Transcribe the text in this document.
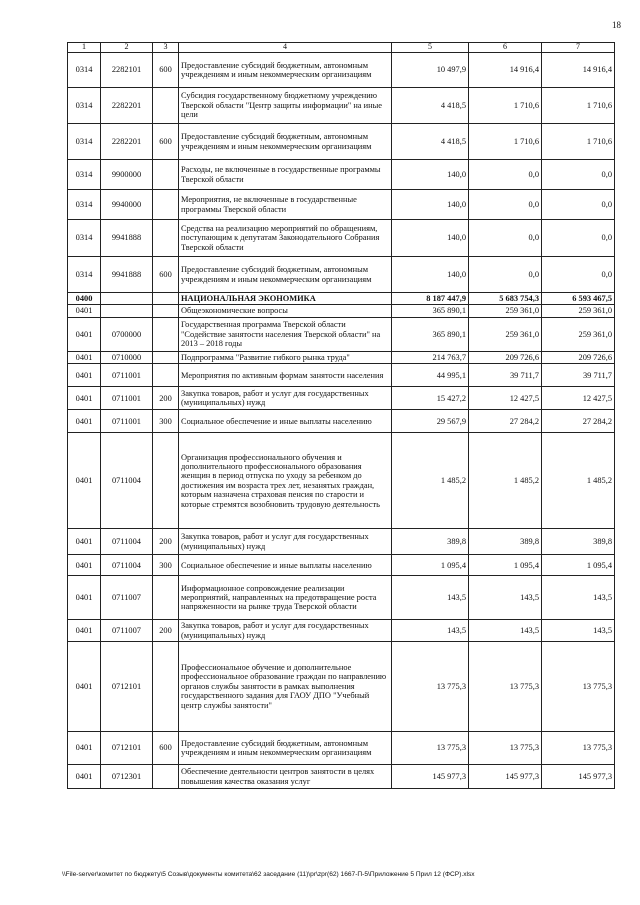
18
1	2	3	4	5	6	7
0314	2282101	600	Предоставление субсидий бюджетным, автономным учреждениям и иным некоммерческим организациям	10 497,9	14 916,4	14 916,4
0314	2282201		Субсидия государственному бюджетному учреждению Тверской области "Центр защиты информации" на иные цели	4 418,5	1 710,6	1 710,6
0314	2282201	600	Предоставление субсидий бюджетным, автономным учреждениям и иным некоммерческим организациям	4 418,5	1 710,6	1 710,6
0314	9900000		Расходы, не включенные в государственные программы Тверской области	140,0	0,0	0,0
0314	9940000		Мероприятия, не включенные в государственные программы Тверской области	140,0	0,0	0,0
0314	9941888		Средства на реализацию мероприятий по обращениям, поступающим к депутатам Законодательного Собрания Тверской области	140,0	0,0	0,0
0314	9941888	600	Предоставление субсидий бюджетным, автономным учреждениям и иным некоммерческим организациям	140,0	0,0	0,0
0400			НАЦИОНАЛЬНАЯ ЭКОНОМИКА	8 187 447,9	5 683 754,3	6 593 467,5
0401			Общеэкономические вопросы	365 890,1	259 361,0	259 361,0
0401	0700000		Государственная программа Тверской области "Содействие занятости населения Тверской области" на 2013 – 2018 годы	365 890,1	259 361,0	259 361,0
0401	0710000		Подпрограмма "Развитие гибкого рынка труда"	214 763,7	209 726,6	209 726,6
0401	0711001		Мероприятия по активным формам занятости населения	44 995,1	39 711,7	39 711,7
0401	0711001	200	Закупка товаров, работ и услуг для государственных (муниципальных) нужд	15 427,2	12 427,5	12 427,5
0401	0711001	300	Социальное обеспечение и иные выплаты населению	29 567,9	27 284,2	27 284,2
0401	0711004		Организация профессионального обучения и дополнительного профессионального образования женщин в период отпуска по уходу за ребенком до достижения им возраста трех лет, незанятых граждан, которым назначена страховая пенсия по старости и которые стремятся возобновить трудовую деятельность	1 485,2	1 485,2	1 485,2
0401	0711004	200	Закупка товаров, работ и услуг для государственных (муниципальных) нужд	389,8	389,8	389,8
0401	0711004	300	Социальное обеспечение и иные выплаты населению	1 095,4	1 095,4	1 095,4
0401	0711007		Информационное сопровождение реализации мероприятий, направленных на предотвращение роста напряженности на рынке труда Тверской области	143,5	143,5	143,5
0401	0711007	200	Закупка товаров, работ и услуг для государственных (муниципальных) нужд	143,5	143,5	143,5
0401	0712101		Профессиональное обучение и дополнительное профессиональное образование граждан по направлению органов службы занятости в рамках выполнения государственного задания для ГАОУ ДПО "Учебный центр службы занятости"	13 775,3	13 775,3	13 775,3
0401	0712101	600	Предоставление субсидий бюджетным, автономным учреждениям и иным некоммерческим организациям	13 775,3	13 775,3	13 775,3
0401	0712301		Обеспечение деятельности центров занятости в целях повышения качества оказания услуг	145 977,3	145 977,3	145 977,3
\\File-server\комитет по бюджету\5 Созыв\документы комитета\62 заседание (11)\pr\zpr(62) 1667-П-5\Приложение 5 Прил 12 (ФСР).xlsx
